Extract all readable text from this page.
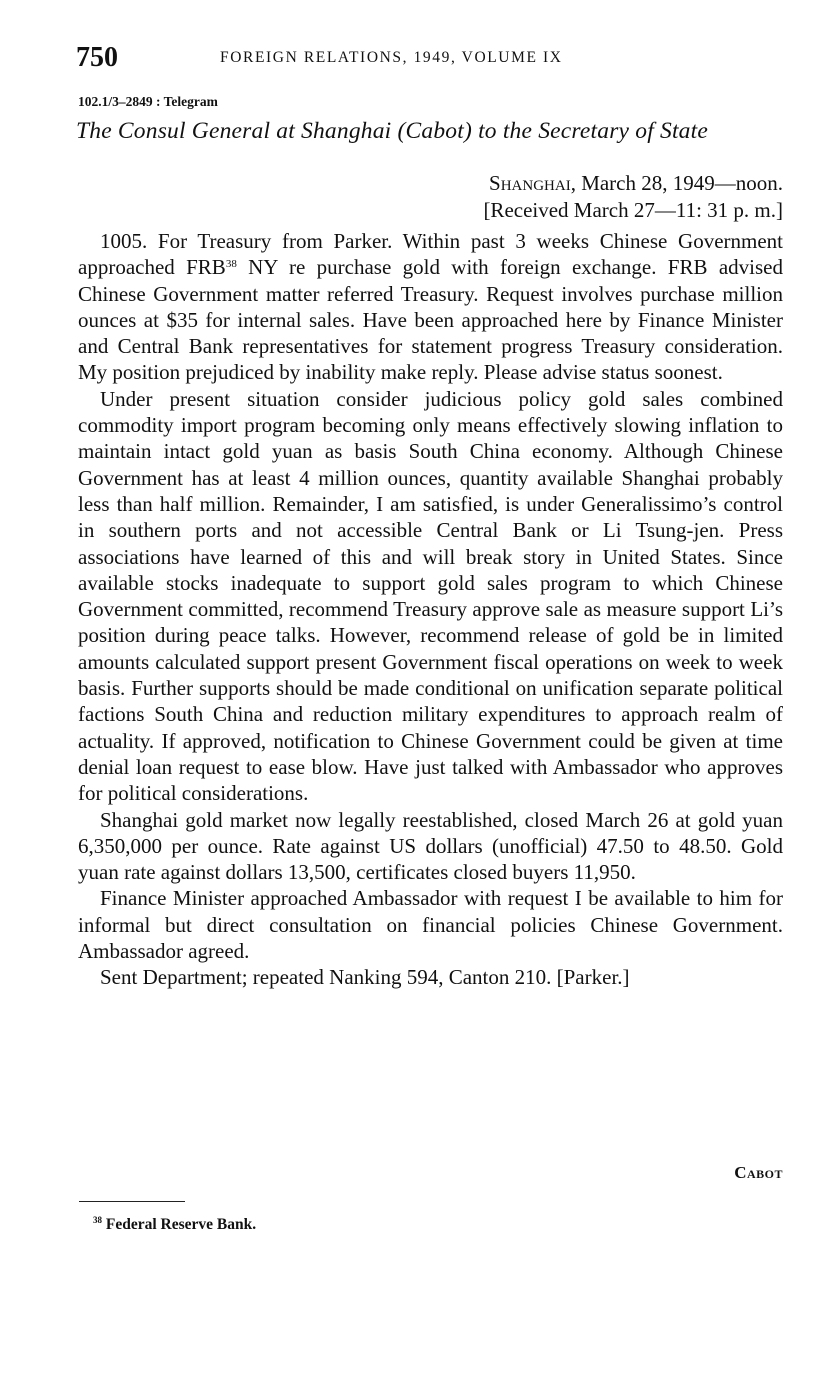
750	FOREIGN RELATIONS, 1949, VOLUME IX
102.1/3–2849 : Telegram
The Consul General at Shanghai (Cabot) to the Secretary of State
Shanghai, March 28, 1949—noon.
[Received March 27—11: 31 p. m.]

1005. For Treasury from Parker. Within past 3 weeks Chinese Government approached FRB$^{38}$ NY re purchase gold with foreign exchange. FRB advised Chinese Government matter referred Treasury. Request involves purchase million ounces at $35 for internal sales. Have been approached here by Finance Minister and Central Bank representatives for statement progress Treasury consideration. My position prejudiced by inability make reply. Please advise status soonest.

Under present situation consider judicious policy gold sales combined commodity import program becoming only means effectively slowing inflation to maintain intact gold yuan as basis South China economy. Although Chinese Government has at least 4 million ounces, quantity available Shanghai probably less than half million. Remainder, I am satisfied, is under Generalissimo’s control in southern ports and not accessible Central Bank or Li Tsung-jen. Press associations have learned of this and will break story in United States. Since available stocks inadequate to support gold sales program to which Chinese Government committed, recommend Treasury approve sale as measure support Li’s position during peace talks. However, recommend release of gold be in limited amounts calculated support present Government fiscal operations on week to week basis. Further supports should be made conditional on unification separate political factions South China and reduction military expenditures to approach realm of actuality. If approved, notification to Chinese Government could be given at time denial loan request to ease blow. Have just talked with Ambassador who approves for political considerations.

Shanghai gold market now legally reestablished, closed March 26 at gold yuan 6,350,000 per ounce. Rate against US dollars (unofficial) 47.50 to 48.50. Gold yuan rate against dollars 13,500, certificates closed buyers 11,950.

Finance Minister approached Ambassador with request I be available to him for informal but direct consultation on financial policies Chinese Government. Ambassador agreed.

Sent Department; repeated Nanking 594, Canton 210. [Parker.]

Cabot
$^{38}$ Federal Reserve Bank.
